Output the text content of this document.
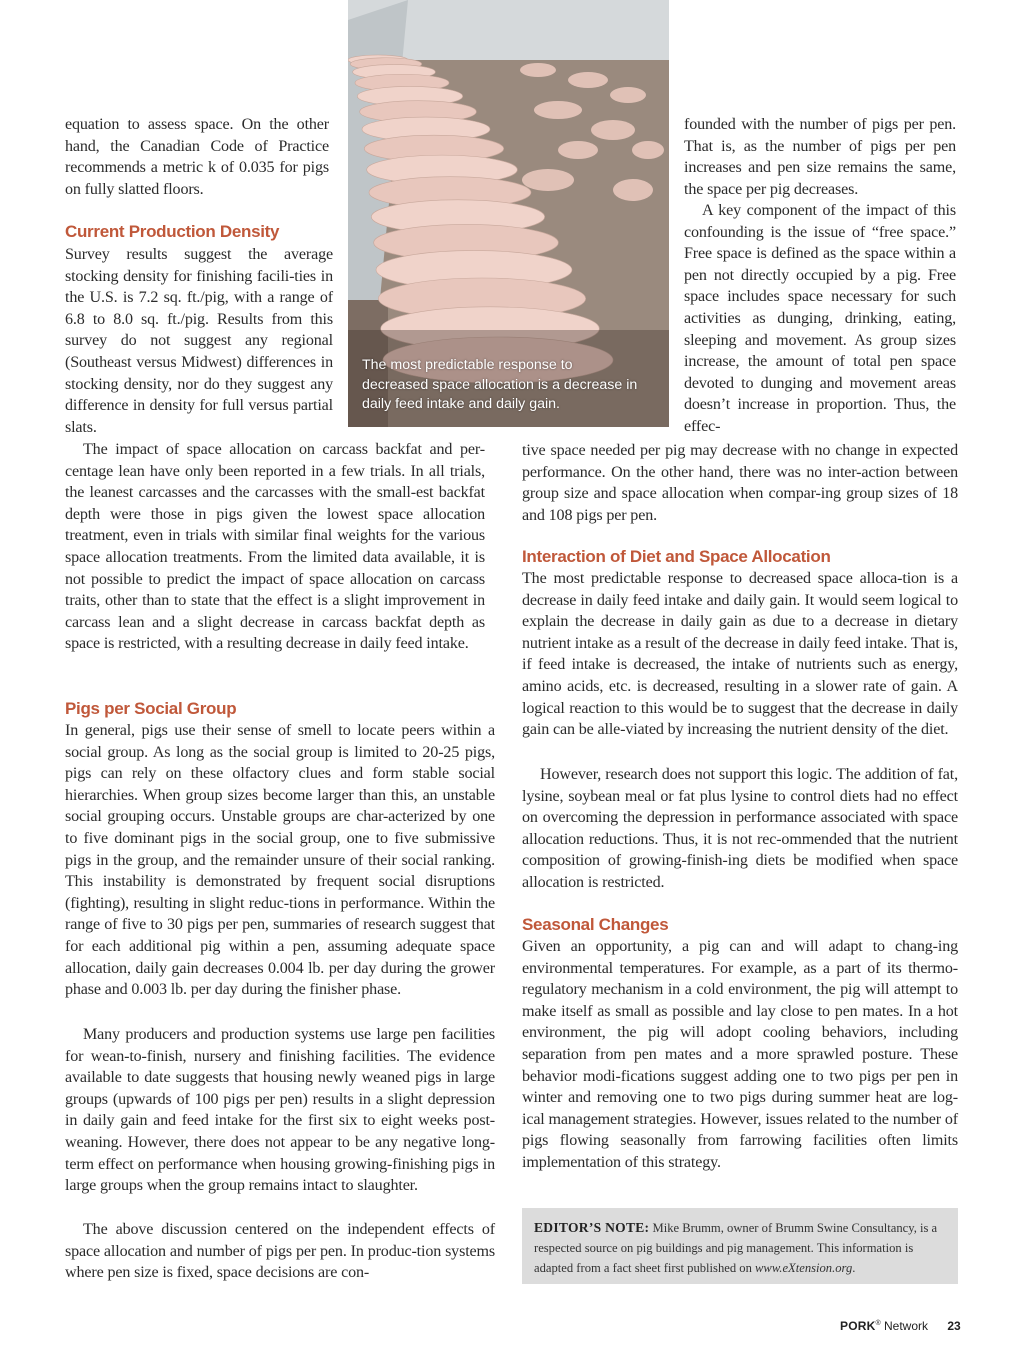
The most predictable response to decreased space allocation is a decrease in daily feed intake and daily gain.

equation to assess space. On the other hand, the Canadian Code of Practice recommends a metric k of 0.035 for pigs on fully slatted floors.

Current Production Density

Survey results suggest the average stocking density for finishing facili-ties in the U.S. is 7.2 sq. ft./pig, with a range of 6.8 to 8.0 sq. ft./pig. Results from this survey do not suggest any regional (Southeast versus Midwest) differences in stocking density, nor do they suggest any difference in density for full versus partial slats.

The impact of space allocation on carcass backfat and per-centage lean have only been reported in a few trials. In all trials, the leanest carcasses and the carcasses with the small-est backfat depth were those in pigs given the lowest space allocation treatment, even in trials with similar final weights for the various space allocation treatments. From the limited data available, it is not possible to predict the impact of space allocation on carcass traits, other than to state that the effect is a slight improvement in carcass lean and a slight decrease in carcass backfat depth as space is restricted, with a resulting decrease in daily feed intake.

Pigs per Social Group

In general, pigs use their sense of smell to locate peers within a social group. As long as the social group is limited to 20-25 pigs, pigs can rely on these olfactory clues and form stable social hierarchies. When group sizes become larger than this, an unstable social grouping occurs. Unstable groups are char-acterized by one to five dominant pigs in the social group, one to five submissive pigs in the group, and the remainder unsure of their social ranking. This instability is demonstrated by frequent social disruptions (fighting), resulting in slight reduc-tions in performance. Within the range of five to 30 pigs per pen, summaries of research suggest that for each additional pig within a pen, assuming adequate space allocation, daily gain decreases 0.004 lb. per day during the grower phase and 0.003 lb. per day during the finisher phase.

Many producers and production systems use large pen facilities for wean-to-finish, nursery and finishing facilities. The evidence available to date suggests that housing newly weaned pigs in large groups (upwards of 100 pigs per pen) results in a slight depression in daily gain and feed intake for the first six to eight weeks post-weaning. However, there does not appear to be any negative long-term effect on performance when housing growing-finishing pigs in large groups when the group remains intact to slaughter.

The above discussion centered on the independent effects of space allocation and number of pigs per pen. In produc-tion systems where pen size is fixed, space decisions are con-

founded with the number of pigs per pen. That is, as the number of pigs per pen increases and pen size remains the same, the space per pig decreases.

A key component of the impact of this confounding is the issue of “free space.” Free space is defined as the space within a pen not directly occupied by a pig. Free space includes space necessary for such activities as dunging, drinking, eating, sleeping and movement. As group sizes increase, the amount of total pen space devoted to dunging and movement areas doesn’t increase in proportion. Thus, the effec-

tive space needed per pig may decrease with no change in expected performance. On the other hand, there was no inter-action between group size and space allocation when compar-ing group sizes of 18 and 108 pigs per pen.

Interaction of Diet and Space Allocation

The most predictable response to decreased space alloca-tion is a decrease in daily feed intake and daily gain. It would seem logical to explain the decrease in daily gain as due to a decrease in dietary nutrient intake as a result of the decrease in daily feed intake. That is, if feed intake is decreased, the intake of nutrients such as energy, amino acids, etc. is decreased, resulting in a slower rate of gain. A logical reaction to this would be to suggest that the decrease in daily gain can be alle-viated by increasing the nutrient density of the diet.

However, research does not support this logic. The addition of fat, lysine, soybean meal or fat plus lysine to control diets had no effect on overcoming the depression in performance associated with space allocation reductions. Thus, it is not rec-ommended that the nutrient composition of growing-finish-ing diets be modified when space allocation is restricted.

Seasonal Changes

Given an opportunity, a pig can and will adapt to chang-ing environmental temperatures. For example, as a part of its thermo-regulatory mechanism in a cold environment, the pig will attempt to make itself as small as possible and lay close to pen mates. In a hot environment, the pig will adopt cooling behaviors, including separation from pen mates and a more sprawled posture. These behavior modi-fications suggest adding one to two pigs per pen in winter and removing one to two pigs during summer heat are log-ical management strategies. However, issues related to the number of pigs flowing seasonally from farrowing facilities often limits implementation of this strategy.

EDITOR’S NOTE: Mike Brumm, owner of Brumm Swine Consultancy, is a respected source on pig buildings and pig management. This information is adapted from a fact sheet first published on www.eXtension.org.
PORK® Network 23
